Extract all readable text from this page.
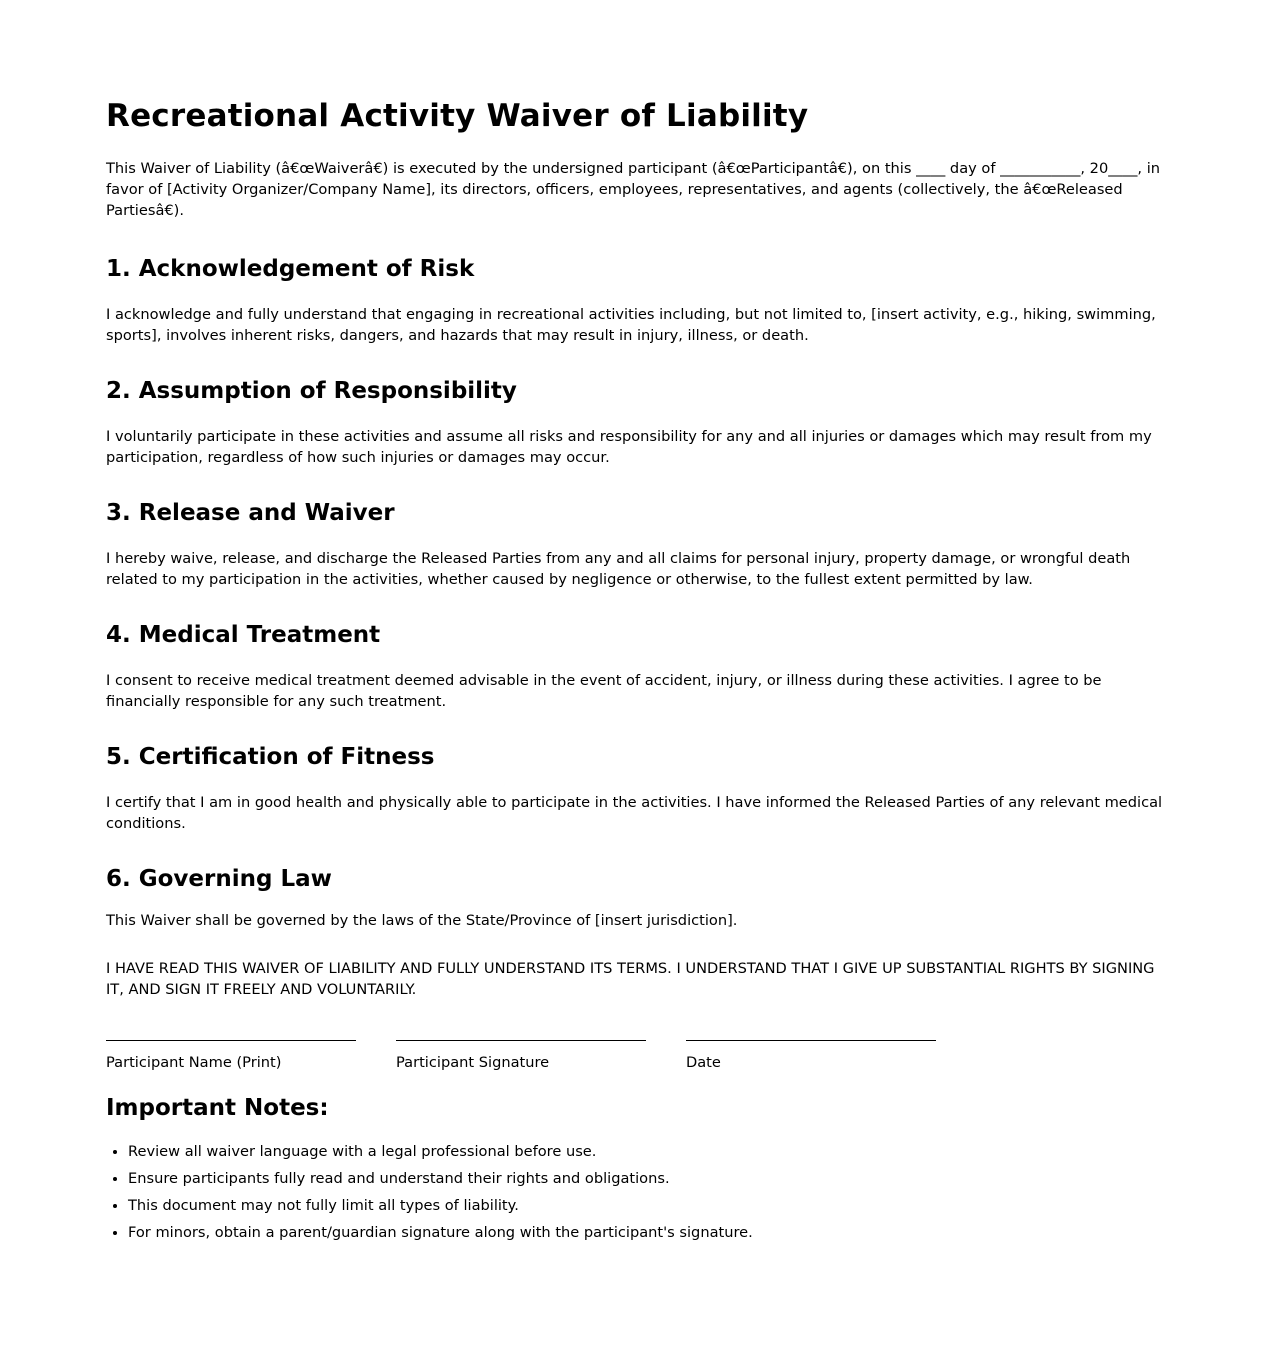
Recreational Activity Waiver of Liability

This Waiver of Liability (â€œWaiverâ€) is executed by the undersigned participant (â€œParticipantâ€), on this ____ day of ___________, 20____, in favor of [Activity Organizer/Company Name], its directors, officers, employees, representatives, and agents (collectively, the â€œReleased Partiesâ€).

1. Acknowledgement of Risk

I acknowledge and fully understand that engaging in recreational activities including, but not limited to, [insert activity, e.g., hiking, swimming, sports], involves inherent risks, dangers, and hazards that may result in injury, illness, or death.

2. Assumption of Responsibility

I voluntarily participate in these activities and assume all risks and responsibility for any and all injuries or damages which may result from my participation, regardless of how such injuries or damages may occur.

3. Release and Waiver

I hereby waive, release, and discharge the Released Parties from any and all claims for personal injury, property damage, or wrongful death related to my participation in the activities, whether caused by negligence or otherwise, to the fullest extent permitted by law.

4. Medical Treatment

I consent to receive medical treatment deemed advisable in the event of accident, injury, or illness during these activities. I agree to be financially responsible for any such treatment.

5. Certification of Fitness

I certify that I am in good health and physically able to participate in the activities. I have informed the Released Parties of any relevant medical conditions.

6. Governing Law

This Waiver shall be governed by the laws of the State/Province of [insert jurisdiction].

I HAVE READ THIS WAIVER OF LIABILITY AND FULLY UNDERSTAND ITS TERMS. I UNDERSTAND THAT I GIVE UP SUBSTANTIAL RIGHTS BY SIGNING IT, AND SIGN IT FREELY AND VOLUNTARILY.

Participant Name (Print)	Participant Signature	Date
Important Notes:
• Review all waiver language with a legal professional before use.
• Ensure participants fully read and understand their rights and obligations.
• This document may not fully limit all types of liability.
• For minors, obtain a parent/guardian signature along with the participant's signature.
